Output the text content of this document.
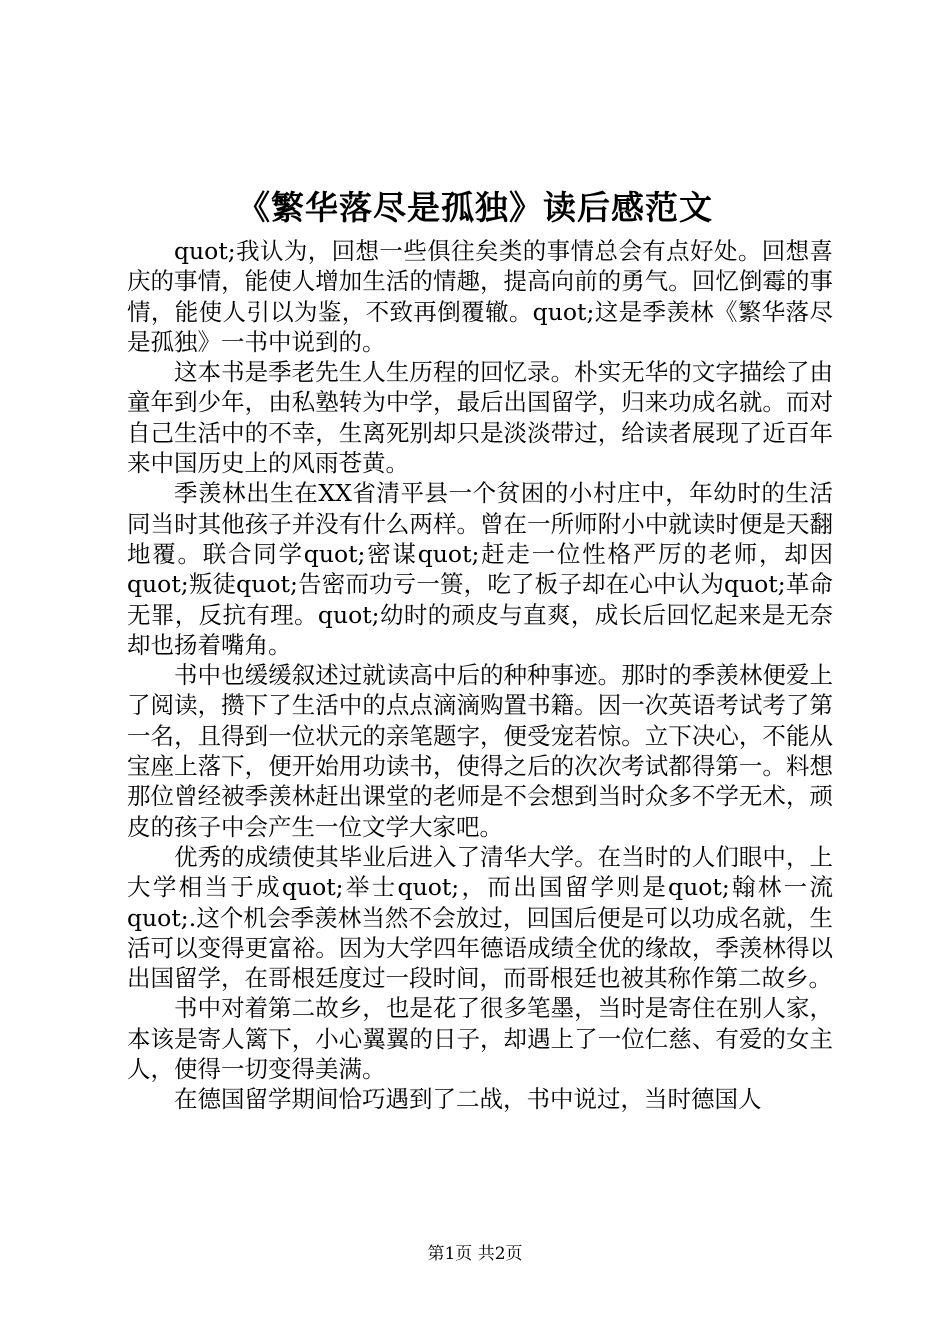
《繁华落尽是孤独》读后感范文

quot;我认为，回想一些俱往矣类的事情总会有点好处。回想喜庆的事情，能使人增加生活的情趣，提高向前的勇气。回忆倒霉的事情，能使人引以为鉴，不致再倒覆辙。quot;这是季羡林《繁华落尽是孤独》一书中说到的。

这本书是季老先生人生历程的回忆录。朴实无华的文字描绘了由童年到少年，由私塾转为中学，最后出国留学，归来功成名就。而对自己生活中的不幸，生离死别却只是淡淡带过，给读者展现了近百年来中国历史上的风雨苍黄。

季羡林出生在XX省清平县一个贫困的小村庄中，年幼时的生活同当时其他孩子并没有什么两样。曾在一所师附小中就读时便是天翻地覆。联合同学quot;密谋quot;赶走一位性格严厉的老师，却因quot;叛徒quot;告密而功亏一篑，吃了板子却在心中认为quot;革命无罪，反抗有理。quot;幼时的顽皮与直爽，成长后回忆起来是无奈却也扬着嘴角。

书中也缓缓叙述过就读高中后的种种事迹。那时的季羡林便爱上了阅读，攒下了生活中的点点滴滴购置书籍。因一次英语考试考了第一名，且得到一位状元的亲笔题字，便受宠若惊。立下决心，不能从宝座上落下，便开始用功读书，使得之后的次次考试都得第一。料想那位曾经被季羡林赶出课堂的老师是不会想到当时众多不学无术，顽皮的孩子中会产生一位文学大家吧。

优秀的成绩使其毕业后进入了清华大学。在当时的人们眼中，上大学相当于成quot;举士quot;，而出国留学则是quot;翰林一流quot;.这个机会季羡林当然不会放过，回国后便是可以功成名就，生活可以变得更富裕。因为大学四年德语成绩全优的缘故，季羡林得以出国留学，在哥根廷度过一段时间，而哥根廷也被其称作第二故乡。

书中对着第二故乡，也是花了很多笔墨，当时是寄住在别人家，本该是寄人篱下，小心翼翼的日子，却遇上了一位仁慈、有爱的女主人，使得一切变得美满。

在德国留学期间恰巧遇到了二战，书中说过，当时德国人

第1页 共2页
